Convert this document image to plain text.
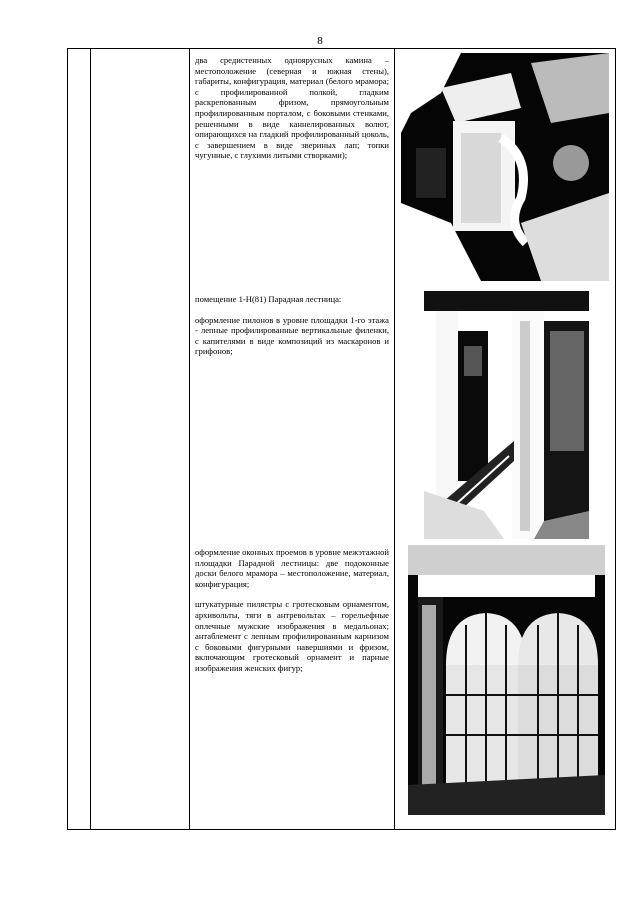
8

два средистенных одноярусных камина – местоположение (северная и южная стены), габариты, конфигурация, материал (белого мрамора; с профилированной полкой, гладким раскрепованным фризом, прямоугольным профилированным порталом, с боковыми стенками, решенными в виде каннелированных волют, опирающихся на гладкий профилированный цоколь, с завершением в виде звериных лап; топки чугунные, с глухими литыми створками);

помещение 1-Н(81) Парадная лестница:

оформление пилонов в уровне площадки 1-го этажа - лепные профилированные вертикальные филенки, с капителями в виде композиций из маскаронов и грифонов;

оформление оконных проемов в уровне межэтажной площадки Парадной лестницы: две подоконные доски белого мрамора – местоположение, материал, конфигурация;

штукатурные пилястры с гротесковым орнаментом, архивольты, тяги в антревольтах – горельефные оплечные мужские изображения в медальонах; антаблемент с лепным профилированным карнизом с боковыми фигурными навершиями и фризом, включающим гротесковый орнамент и парные изображения женских фигур;
